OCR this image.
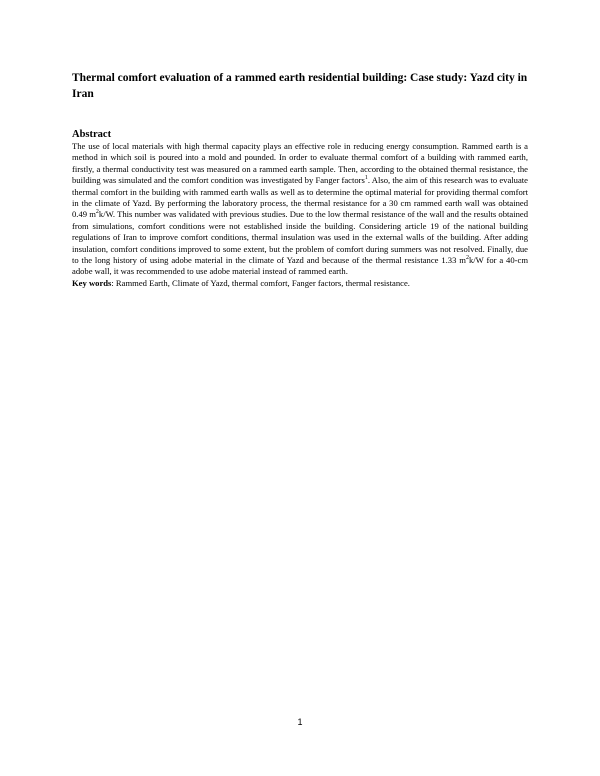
Thermal comfort evaluation of a rammed earth residential building: Case study: Yazd city in Iran
Abstract

The use of local materials with high thermal capacity plays an effective role in reducing energy consumption. Rammed earth is a method in which soil is poured into a mold and pounded. In order to evaluate thermal comfort of a building with rammed earth, firstly, a thermal conductivity test was measured on a rammed earth sample. Then, according to the obtained thermal resistance, the building was simulated and the comfort condition was investigated by Fanger factors$^1$. Also, the aim of this research was to evaluate thermal comfort in the building with rammed earth walls as well as to determine the optimal material for providing thermal comfort in the climate of Yazd. By performing the laboratory process, the thermal resistance for a 30 cm rammed earth wall was obtained 0.49 $m^2k/W$. This number was validated with previous studies. Due to the low thermal resistance of the wall and the results obtained from simulations, comfort conditions were not established inside the building. Considering article 19 of the national building regulations of Iran to improve comfort conditions, thermal insulation was used in the external walls of the building. After adding insulation, comfort conditions improved to some extent, but the problem of comfort during summers was not resolved. Finally, due to the long history of using adobe material in the climate of Yazd and because of the thermal resistance 1.33 $m^2k/W$ for a 40-cm adobe wall, it was recommended to use adobe material instead of rammed earth.

Key words: Rammed Earth, Climate of Yazd, thermal comfort, Fanger factors, thermal resistance.

1
